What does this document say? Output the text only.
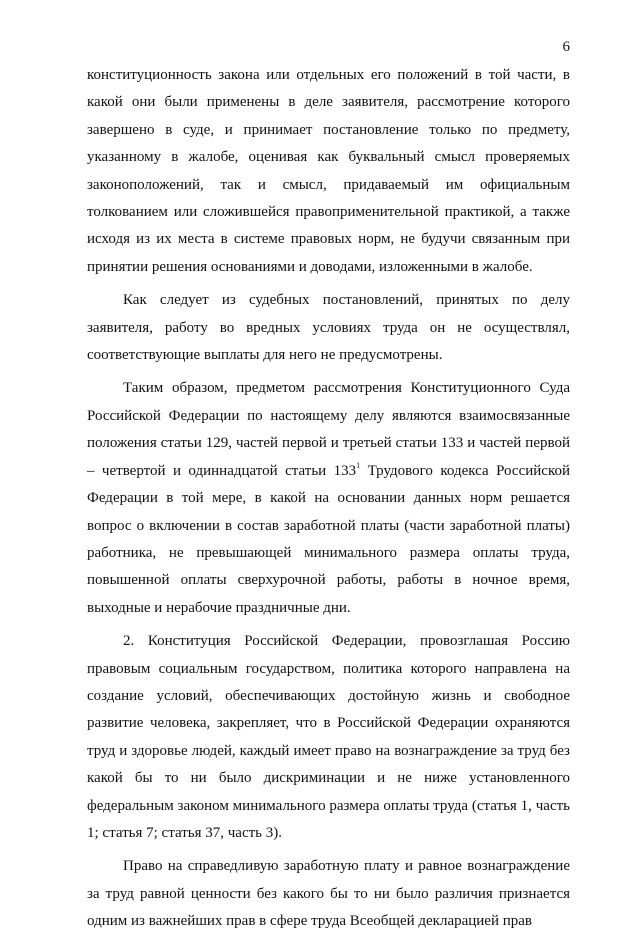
6

конституционность закона или отдельных его положений в той части, в какой они были применены в деле заявителя, рассмотрение которого завершено в суде, и принимает постановление только по предмету, указанному в жалобе, оценивая как буквальный смысл проверяемых законоположений, так и смысл, придаваемый им официальным толкованием или сложившейся правоприменительной практикой, а также исходя из их места в системе правовых норм, не будучи связанным при принятии решения основаниями и доводами, изложенными в жалобе.

Как следует из судебных постановлений, принятых по делу заявителя, работу во вредных условиях труда он не осуществлял, соответствующие выплаты для него не предусмотрены.

Таким образом, предметом рассмотрения Конституционного Суда Российской Федерации по настоящему делу являются взаимосвязанные положения статьи 129, частей первой и третьей статьи 133 и частей первой – четвертой и одиннадцатой статьи $133^1$ Трудового кодекса Российской Федерации в той мере, в какой на основании данных норм решается вопрос о включении в состав заработной платы (части заработной платы) работника, не превышающей минимального размера оплаты труда, повышенной оплаты сверхурочной работы, работы в ночное время, выходные и нерабочие праздничные дни.

2. Конституция Российской Федерации, провозглашая Россию правовым социальным государством, политика которого направлена на создание условий, обеспечивающих достойную жизнь и свободное развитие человека, закрепляет, что в Российской Федерации охраняются труд и здоровье людей, каждый имеет право на вознаграждение за труд без какой бы то ни было дискриминации и не ниже установленного федеральным законом минимального размера оплаты труда (статья 1, часть 1; статья 7; статья 37, часть 3).

Право на справедливую заработную плату и равное вознаграждение за труд равной ценности без какого бы то ни было различия признается одним из важнейших прав в сфере труда Всеобщей декларацией прав
